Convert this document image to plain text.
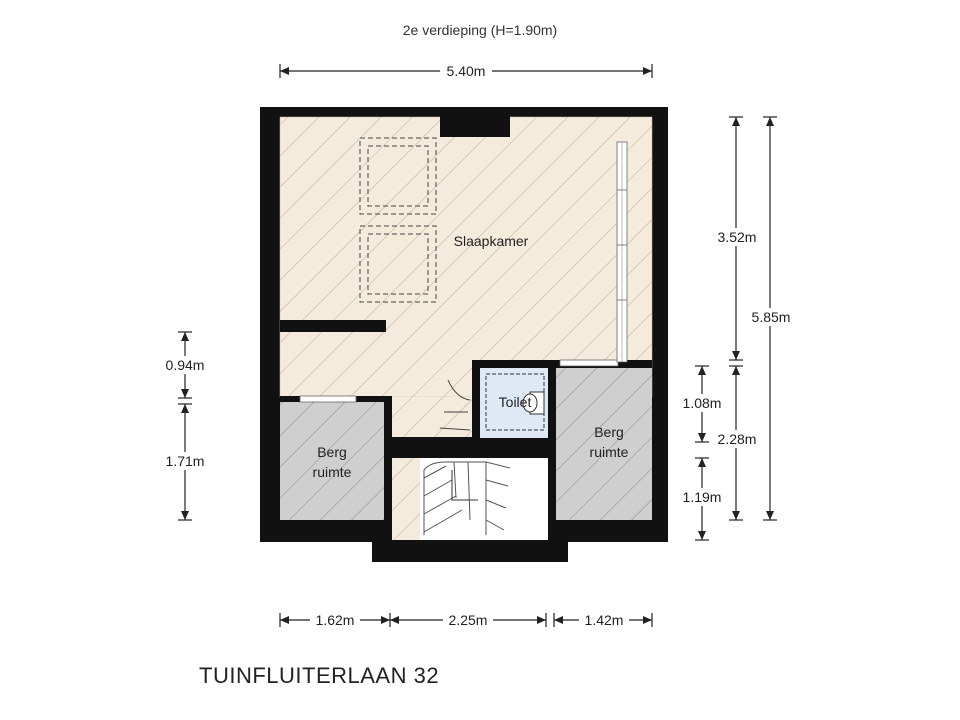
Slaapkamer
Toilet
Berg
ruimte
Berg
ruimte
5.40m
5.85m
3.52m
2.28m
1.08m
1.19m
0.94m
1.71m
1.62m	2.25m	1.42m
2e verdieping (H=1.90m)
TUINFLUITERLAAN 32
